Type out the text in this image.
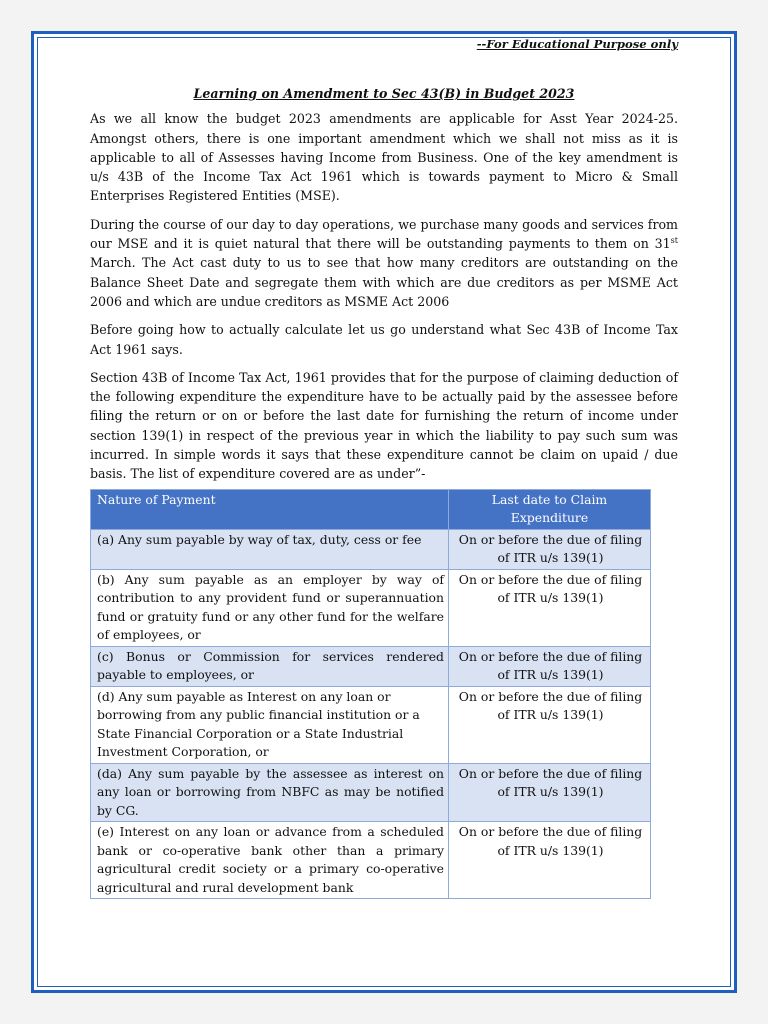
--For Educational Purpose only
Learning on Amendment to Sec 43(B) in Budget 2023

As we all know the budget 2023 amendments are applicable for Asst Year 2024-25. Amongst others, there is one important amendment which we shall not miss as it is applicable to all of Assesses having Income from Business. One of the key amendment is u/s 43B of the Income Tax Act 1961 which is towards payment to Micro & Small Enterprises Registered Entities (MSE).

During the course of our day to day operations, we purchase many goods and services from our MSE and it is quiet natural that there will be outstanding payments to them on 31st March. The Act cast duty to us to see that how many creditors are outstanding on the Balance Sheet Date and segregate them with which are due creditors as per MSME Act 2006 and which are undue creditors as MSME Act 2006

Before going how to actually calculate let us go understand what Sec 43B of Income Tax Act 1961 says.

Section 43B of Income Tax Act, 1961 provides that for the purpose of claiming deduction of the following expenditure the expenditure have to be actually paid by the assessee before filing the return or on or before the last date for furnishing the return of income under section 139(1) in respect of the previous year in which the liability to pay such sum was incurred. In simple words it says that these expenditure cannot be claim on upaid / due basis. The list of expenditure covered are as under”-

Nature of Payment	Last date to Claim Expenditure
(a) Any sum payable by way of tax, duty, cess or fee	On or before the due of filing of ITR u/s 139(1)
(b) Any sum payable as an employer by way of contribution to any provident fund or superannuation fund or gratuity fund or any other fund for the welfare of employees, or	On or before the due of filing of ITR u/s 139(1)
(c) Bonus or Commission for services rendered payable to employees, or	On or before the due of filing of ITR u/s 139(1)
(d) Any sum payable as Interest on any loan or borrowing from any public financial institution or a State Financial Corporation or a State Industrial Investment Corporation, or	On or before the due of filing of ITR u/s 139(1)
(da) Any sum payable by the assessee as interest on any loan or borrowing from NBFC as may be notified by CG.	On or before the due of filing of ITR u/s 139(1)
(e) Interest on any loan or advance from a scheduled bank or co-operative bank other than a primary agricultural credit society or a primary co-operative agricultural and rural development bank	On or before the due of filing of ITR u/s 139(1)
